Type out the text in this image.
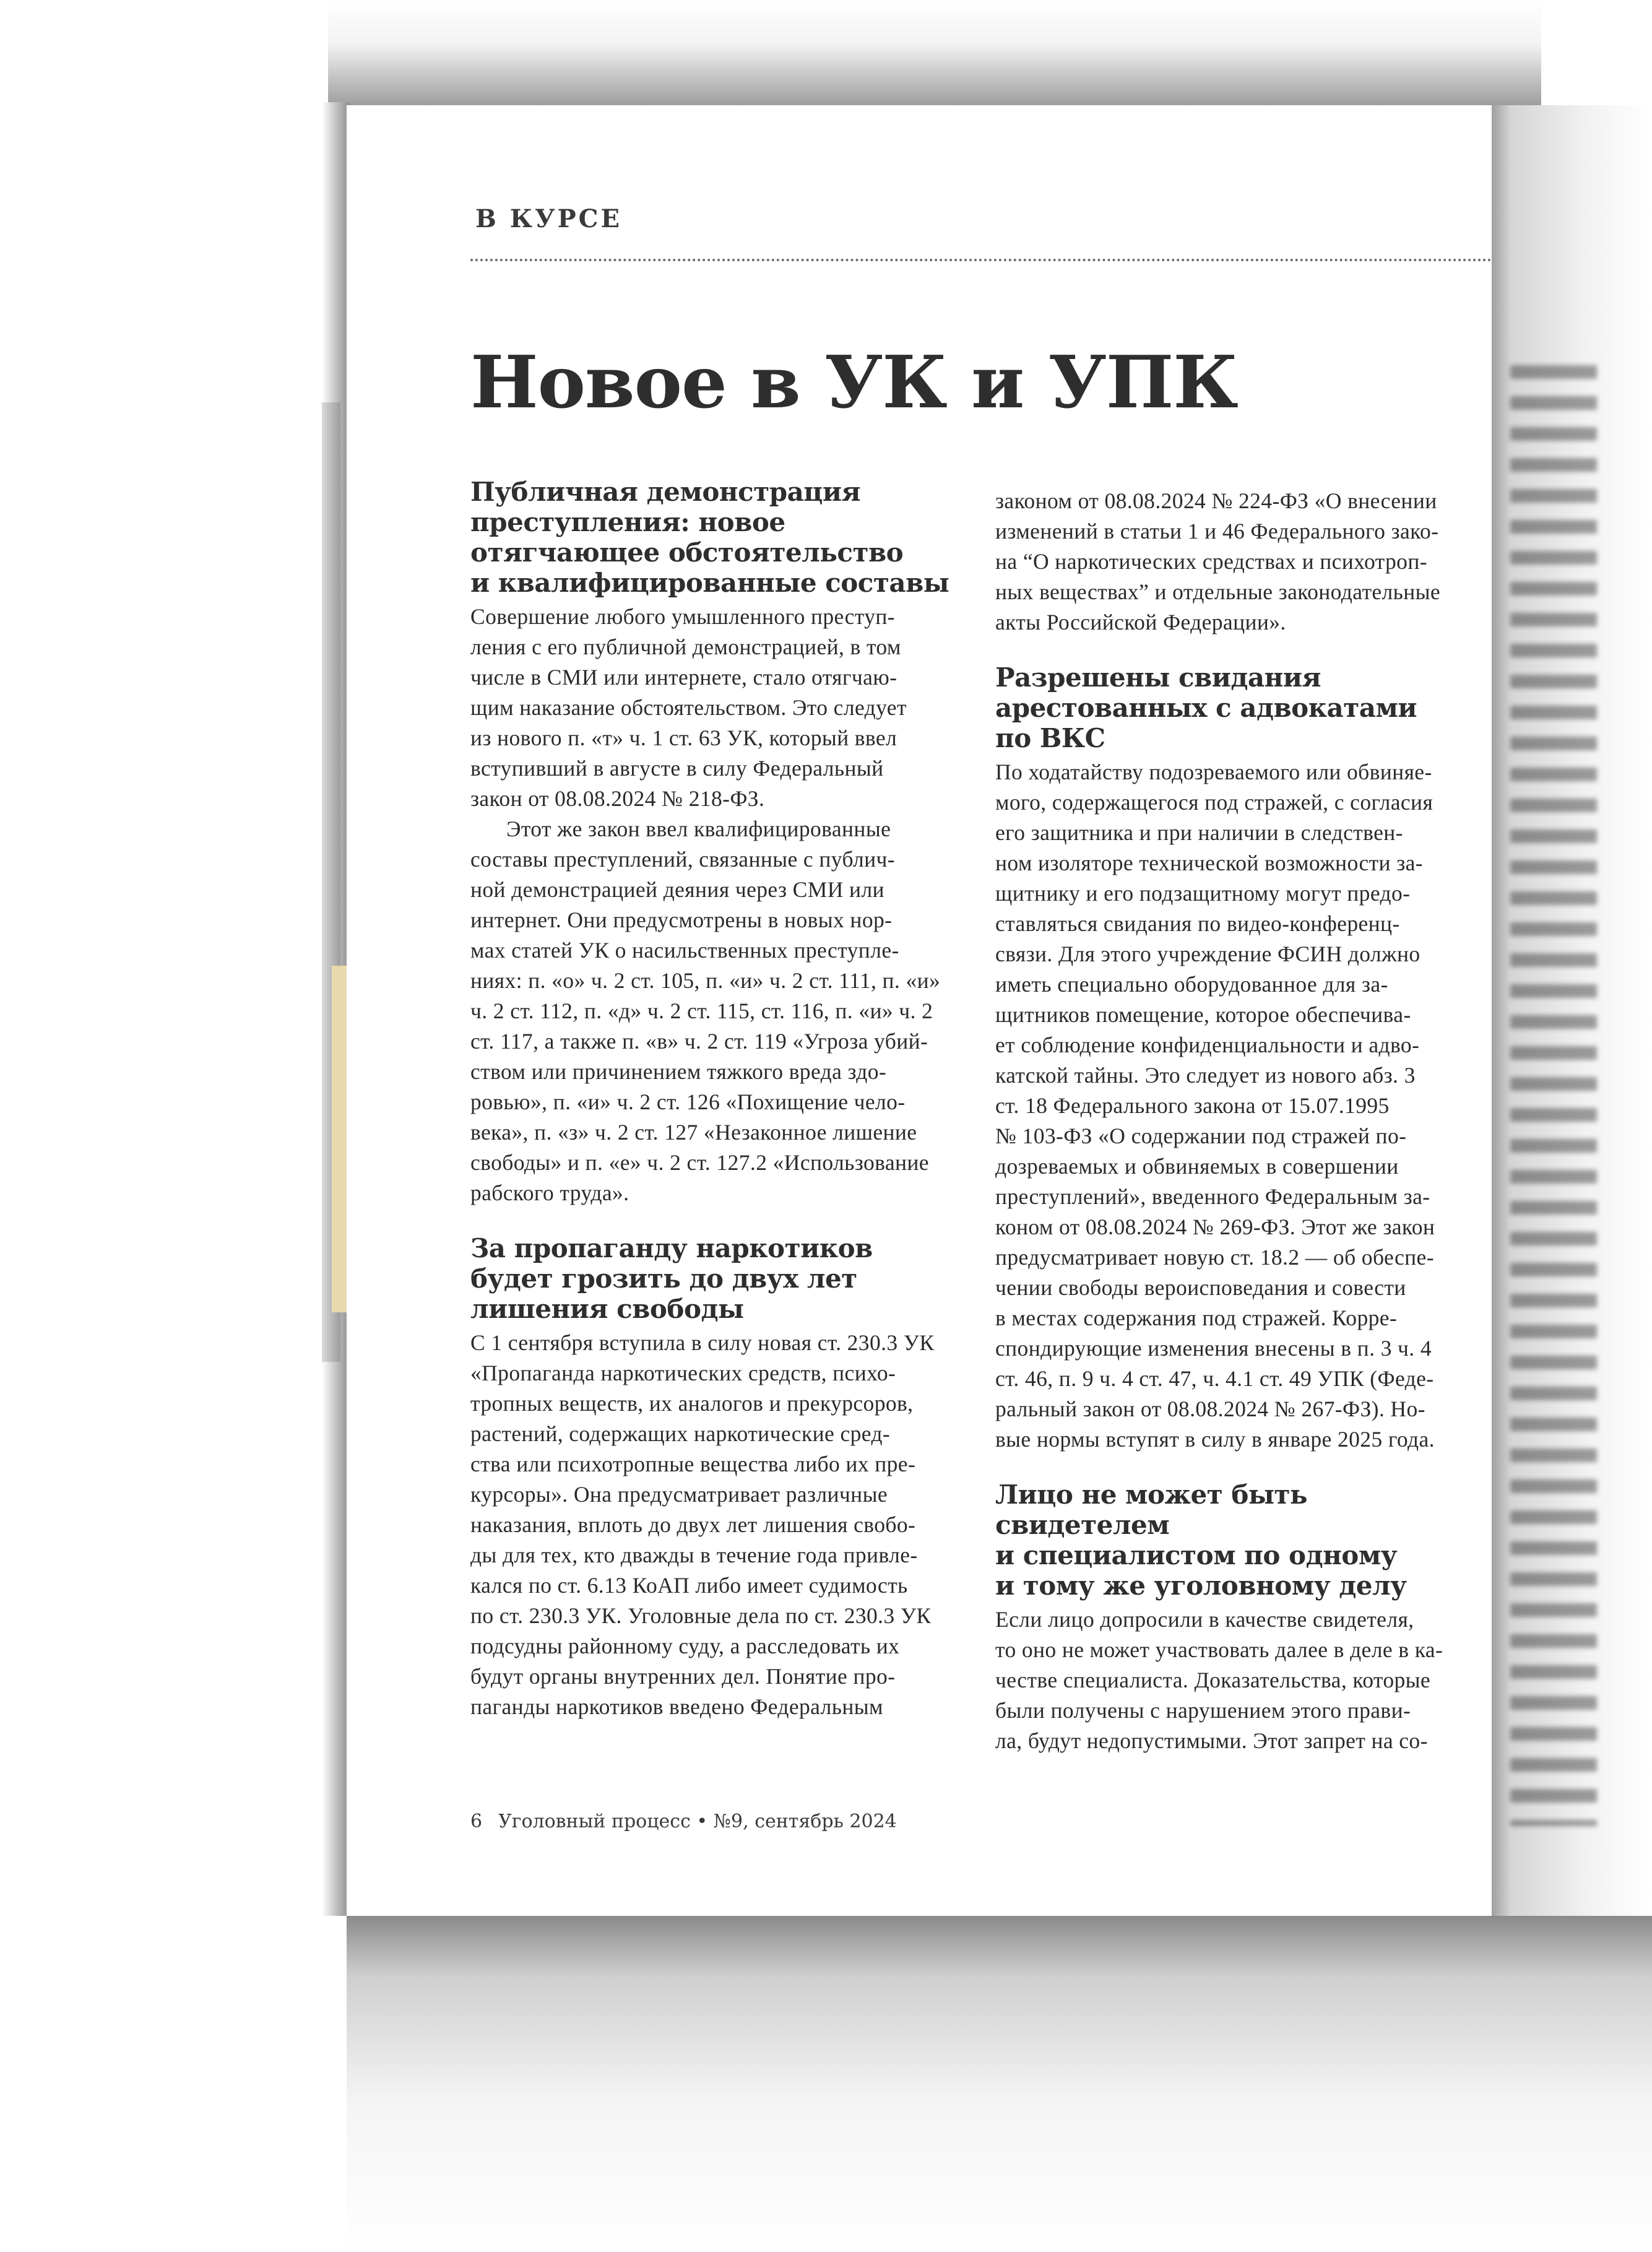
В КУРСЕ
Новое в УК и УПК
Публичная демонстрация
преступления: новое
отягчающее обстоятельство
и квалифицированные составы
Совершение любого умышленного преступ-
ления с его публичной демонстрацией, в том
числе в СМИ или интернете, стало отягчаю-
щим наказание обстоятельством. Это следует
из нового п. «т» ч. 1 ст. 63 УК, который ввел
вступивший в августе в силу Федеральный
закон от 08.08.2024 № 218-ФЗ.
Этот же закон ввел квалифицированные
составы преступлений, связанные с публич-
ной демонстрацией деяния через СМИ или
интернет. Они предусмотрены в новых нор-
мах статей УК о насильственных преступле-
ниях: п. «о» ч. 2 ст. 105, п. «и» ч. 2 ст. 111, п. «и»
ч. 2 ст. 112, п. «д» ч. 2 ст. 115, ст. 116, п. «и» ч. 2
ст. 117, а также п. «в» ч. 2 ст. 119 «Угроза убий-
ством или причинением тяжкого вреда здо-
ровью», п. «и» ч. 2 ст. 126 «Похищение чело-
века», п. «з» ч. 2 ст. 127 «Незаконное лишение
свободы» и п. «е» ч. 2 ст. 127.2 «Использование
рабского труда».
За пропаганду наркотиков
будет грозить до двух лет
лишения свободы
С 1 сентября вступила в силу новая ст. 230.3 УК
«Пропаганда наркотических средств, психо-
тропных веществ, их аналогов и прекурсоров,
растений, содержащих наркотические сред-
ства или психотропные вещества либо их пре-
курсоры». Она предусматривает различные
наказания, вплоть до двух лет лишения свобо-
ды для тех, кто дважды в течение года привле-
кался по ст. 6.13 КоАП либо имеет судимость
по ст. 230.3 УК. Уголовные дела по ст. 230.3 УК
подсудны районному суду, а расследовать их
будут органы внутренних дел. Понятие про-
паганды наркотиков введено Федеральным
законом от 08.08.2024 № 224-ФЗ «О внесении
изменений в статьи 1 и 46 Федерального зако-
на “О наркотических средствах и психотроп-
ных веществах” и отдельные законодательные
акты Российской Федерации».
Разрешены свидания
арестованных с адвокатами
по ВКС
По ходатайству подозреваемого или обвиняе-
мого, содержащегося под стражей, с согласия
его защитника и при наличии в следствен-
ном изоляторе технической возможности за-
щитнику и его подзащитному могут предо-
ставляться свидания по видео-конференц-
связи. Для этого учреждение ФСИН должно
иметь специально оборудованное для за-
щитников помещение, которое обеспечива-
ет соблюдение конфиденциальности и адво-
катской тайны. Это следует из нового абз. 3
ст. 18 Федерального закона от 15.07.1995
№ 103-ФЗ «О содержании под стражей по-
дозреваемых и обвиняемых в совершении
преступлений», введенного Федеральным за-
коном от 08.08.2024 № 269-ФЗ. Этот же закон
предусматривает новую ст. 18.2 — об обеспе-
чении свободы вероисповедания и совести
в местах содержания под стражей. Корре-
спондирующие изменения внесены в п. 3 ч. 4
ст. 46, п. 9 ч. 4 ст. 47, ч. 4.1 ст. 49 УПК (Феде-
ральный закон от 08.08.2024 № 267-ФЗ). Но-
вые нормы вступят в силу в январе 2025 года.
Лицо не может быть свидетелем
и специалистом по одному
и тому же уголовному делу
Если лицо допросили в качестве свидетеля,
то оно не может участвовать далее в деле в ка-
честве специалиста. Доказательства, которые
были получены с нарушением этого прави-
ла, будут недопустимыми. Этот запрет на со-
6 Уголовный процесс • №9, сентябрь 2024
